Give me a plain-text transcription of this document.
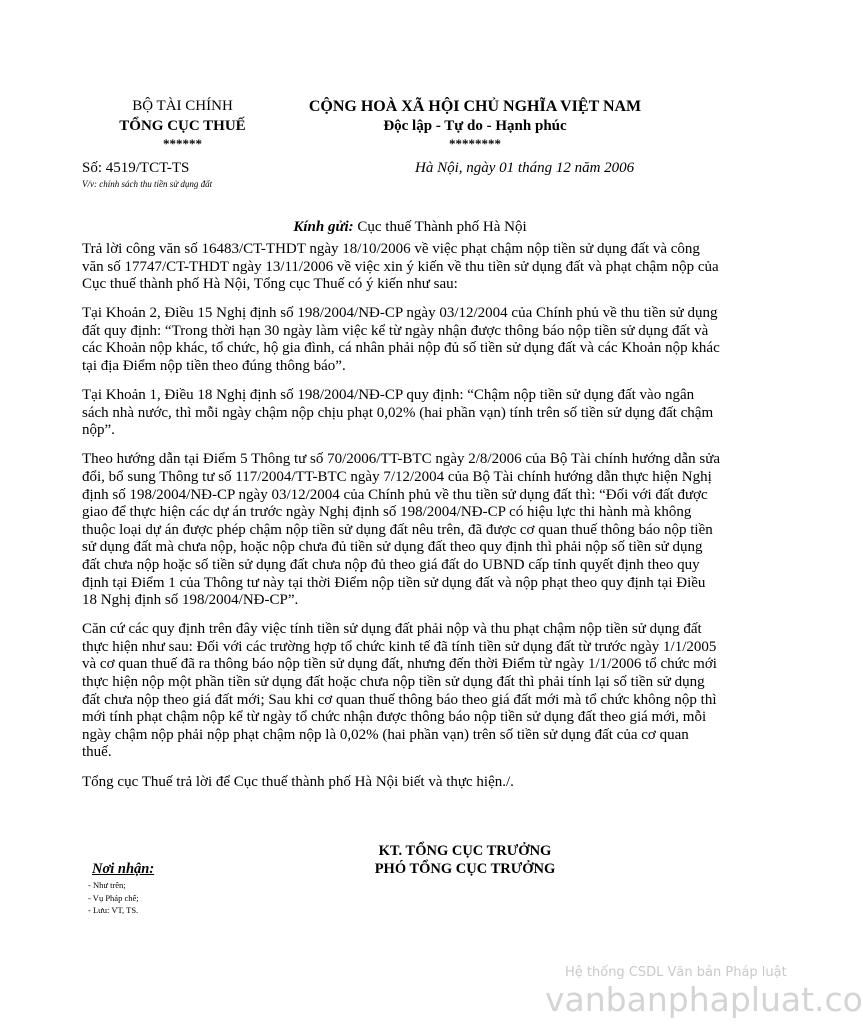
BỘ TÀI CHÍNH
TỔNG CỤC THUẾ
******
CỘNG HOÀ XÃ HỘI CHỦ NGHĨA VIỆT NAM
Độc lập - Tự do - Hạnh phúc
********
Số: 4519/TCT-TS
V/v: chính sách thu tiền sử dụng đất
Hà Nội, ngày 01 tháng 12 năm 2006
Kính gửi: Cục thuế Thành phố Hà Nội

Trả lời công văn số 16483/CT-THDT ngày 18/10/2006 về việc phạt chậm nộp tiền sử dụng đất và công văn số 17747/CT-THDT ngày 13/11/2006 về việc xin ý kiến về thu tiền sử dụng đất và phạt chậm nộp của Cục thuế thành phố Hà Nội, Tổng cục Thuế có ý kiến như sau:

Tại Khoản 2, Điều 15 Nghị định số 198/2004/NĐ-CP ngày 03/12/2004 của Chính phủ về thu tiền sử dụng đất quy định: “Trong thời hạn 30 ngày làm việc kể từ ngày nhận được thông báo nộp tiền sử dụng đất và các Khoản nộp khác, tổ chức, hộ gia đình, cá nhân phải nộp đủ số tiền sử dụng đất và các Khoản nộp khác tại địa Điểm nộp tiền theo đúng thông báo”.

Tại Khoản 1, Điều 18 Nghị định số 198/2004/NĐ-CP quy định: “Chậm nộp tiền sử dụng đất vào ngân sách nhà nước, thì mỗi ngày chậm nộp chịu phạt 0,02% (hai phần vạn) tính trên số tiền sử dụng đất chậm nộp”.

Theo hướng dẫn tại Điểm 5 Thông tư số 70/2006/TT-BTC ngày 2/8/2006 của Bộ Tài chính hướng dẫn sửa đổi, bổ sung Thông tư số 117/2004/TT-BTC ngày 7/12/2004 của Bộ Tài chính hướng dẫn thực hiện Nghị định số 198/2004/NĐ-CP ngày 03/12/2004 của Chính phủ về thu tiền sử dụng đất thì: “Đối với đất được giao để thực hiện các dự án trước ngày Nghị định số 198/2004/NĐ-CP có hiệu lực thi hành mà không thuộc loại dự án được phép chậm nộp tiền sử dụng đất nêu trên, đã được cơ quan thuế thông báo nộp tiền sử dụng đất mà chưa nộp, hoặc nộp chưa đủ tiền sử dụng đất theo quy định thì phải nộp số tiền sử dụng đất chưa nộp hoặc số tiền sử dụng đất chưa nộp đủ theo giá đất do UBND cấp tỉnh quyết định theo quy định tại Điểm 1 của Thông tư này tại thời Điểm nộp tiền sử dụng đất và nộp phạt theo quy định tại Điều 18 Nghị định số 198/2004/NĐ-CP”.

Căn cứ các quy định trên đây việc tính tiền sử dụng đất phải nộp và thu phạt chậm nộp tiền sử dụng đất thực hiện như sau: Đối với các trường hợp tổ chức kinh tế đã tính tiền sử dụng đất từ trước ngày 1/1/2005 và cơ quan thuế đã ra thông báo nộp tiền sử dụng đất, nhưng đến thời Điểm từ ngày 1/1/2006 tổ chức mới thực hiện nộp một phần tiền sử dụng đất hoặc chưa nộp tiền sử dụng đất thì phải tính lại số tiền sử dụng đất chưa nộp theo giá đất mới; Sau khi cơ quan thuế thông báo theo giá đất mới mà tổ chức không nộp thì mới tính phạt chậm nộp kể từ ngày tổ chức nhận được thông báo nộp tiền sử dụng đất theo giá mới, mỗi ngày chậm nộp phải nộp phạt chậm nộp là 0,02% (hai phần vạn) trên số tiền sử dụng đất của cơ quan thuế.

Tổng cục Thuế trả lời để Cục thuế thành phố Hà Nội biết và thực hiện./.

KT. TỔNG CỤC TRƯỞNG
PHÓ TỔNG CỤC TRƯỞNG
Nơi nhận:
- Như trên;
- Vụ Pháp chế;
- Lưu: VT, TS.
Hệ thống CSDL Văn bản Pháp luật
vanbanphapluat.co
